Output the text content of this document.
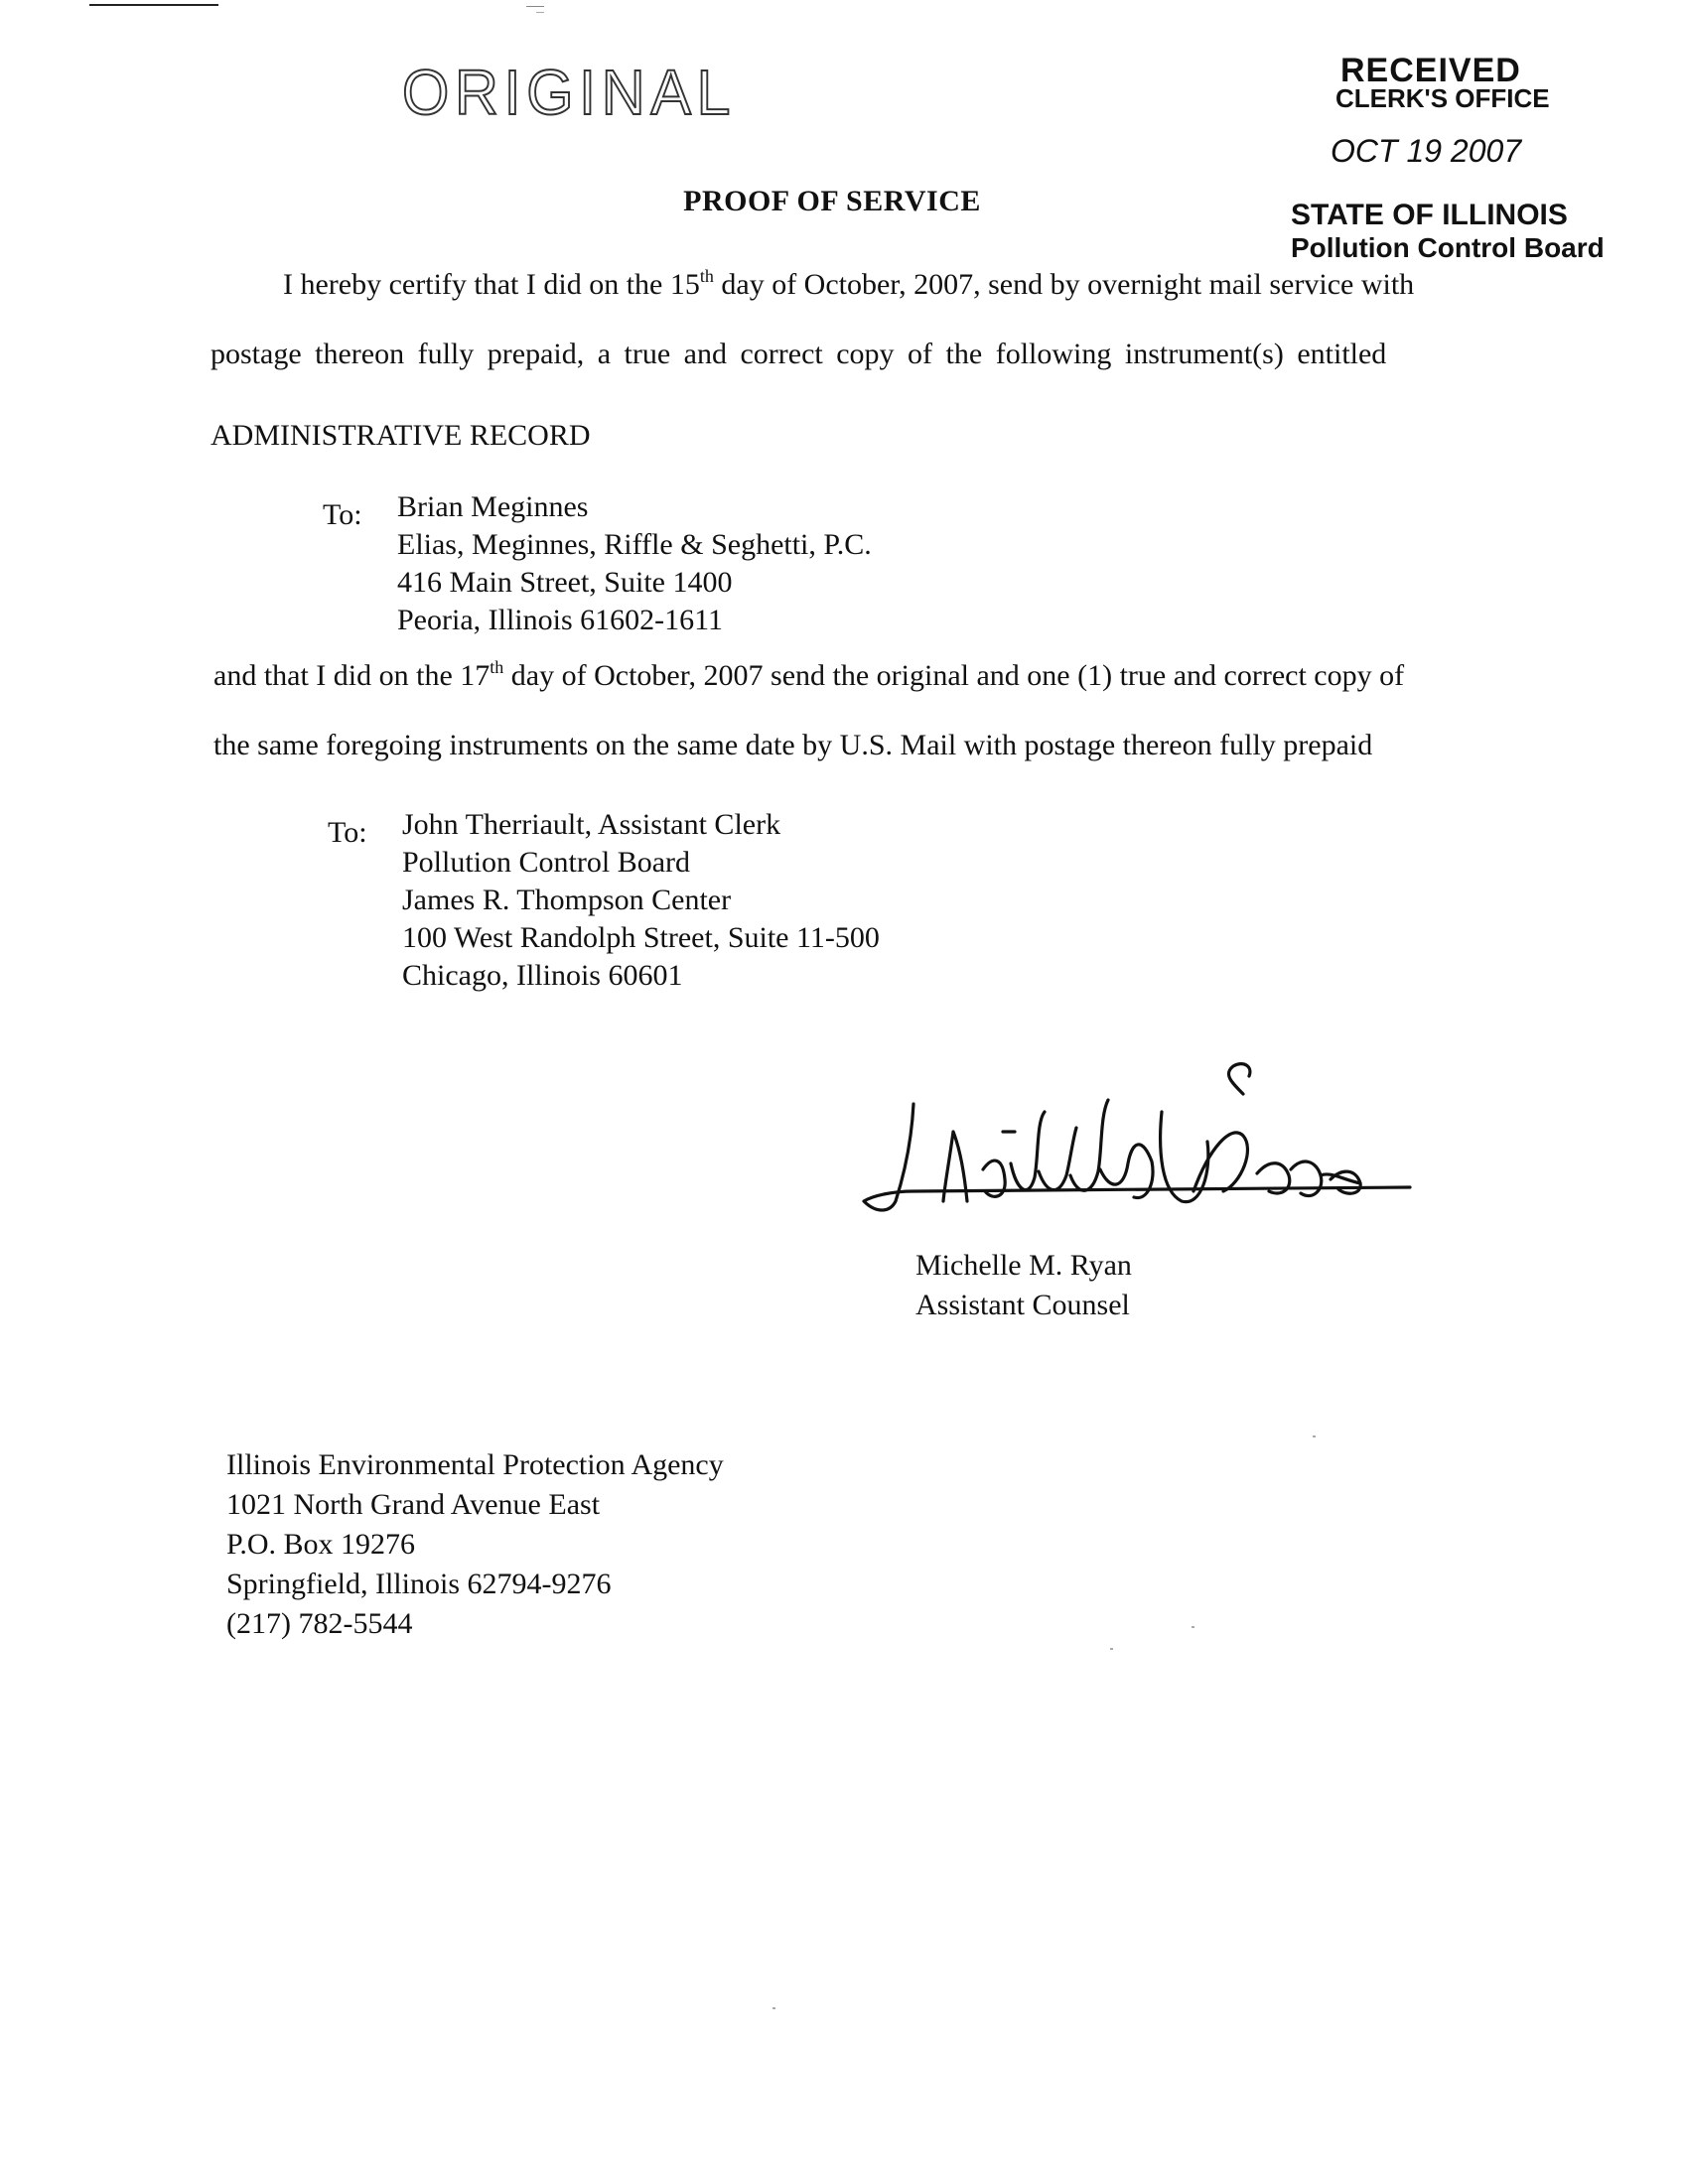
ORIGINAL	RECEIVED
CLERK'S OFFICE
OCT 19 2007
STATE OF ILLINOIS
Pollution Control Board
PROOF OF SERVICE
I hereby certify that I did on the 15th day of October, 2007, send by overnight mail service with
postage thereon fully prepaid, a true and correct copy of the following instrument(s) entitled
ADMINISTRATIVE RECORD
To: Brian Meginnes
Elias, Meginnes, Riffle & Seghetti, P.C.
416 Main Street, Suite 1400
Peoria, Illinois 61602-1611
and that I did on the 17th day of October, 2007 send the original and one (1) true and correct copy of
the same foregoing instruments on the same date by U.S. Mail with postage thereon fully prepaid
To: John Therriault, Assistant Clerk
Pollution Control Board
James R. Thompson Center
100 West Randolph Street, Suite 11-500
Chicago, Illinois 60601
Michelle M. Ryan
Assistant Counsel
Illinois Environmental Protection Agency
1021 North Grand Avenue East
P.O. Box 19276
Springfield, Illinois 62794-9276
(217) 782-5544
